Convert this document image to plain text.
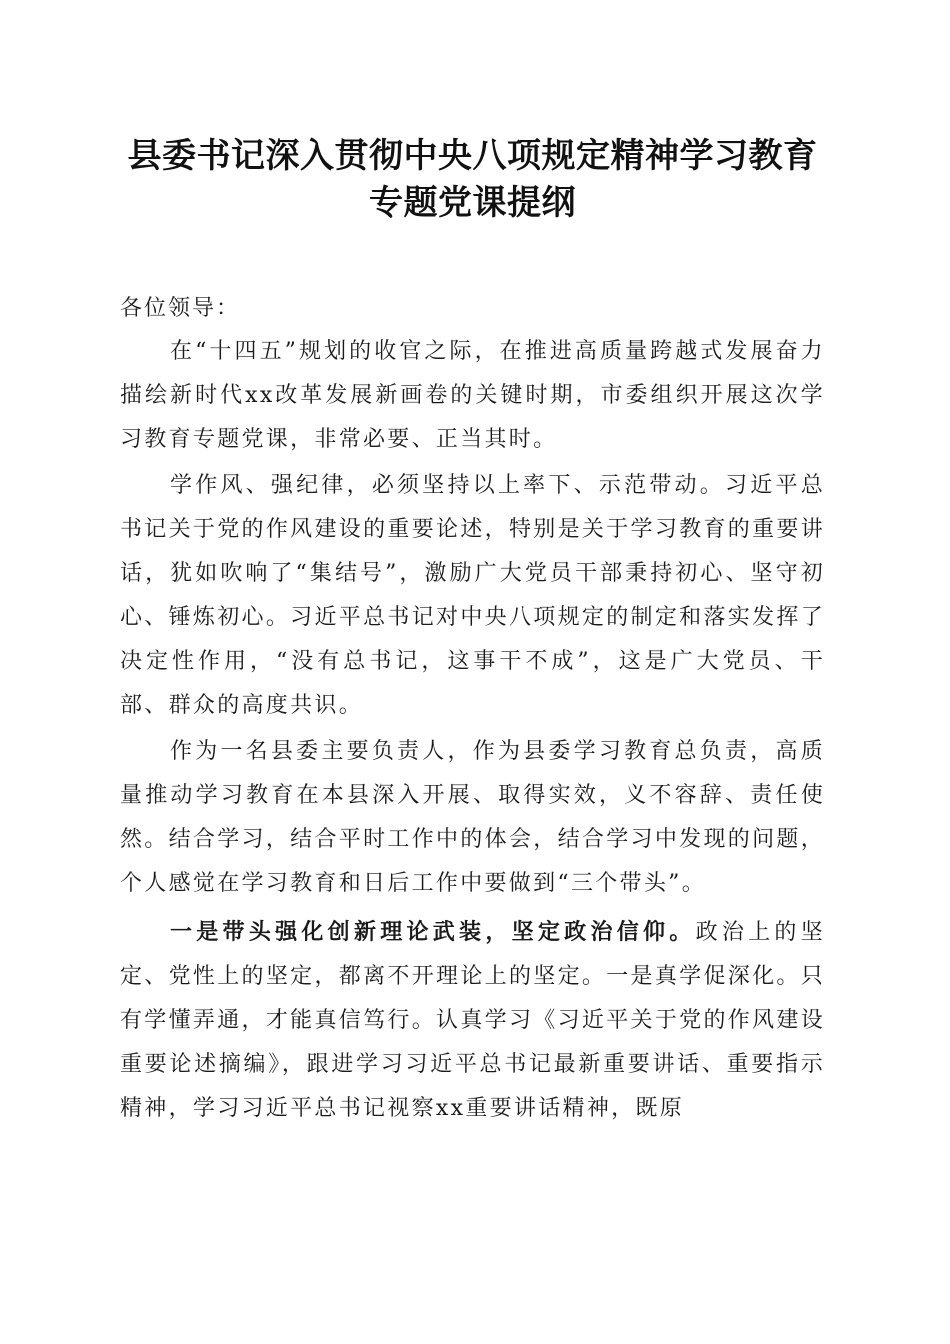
县委书记深入贯彻中央八项规定精神学习教育
专题党课提纲

各位领导：

在“十四五”规划的收官之际，在推进高质量跨越式发展奋力描绘新时代xx改革发展新画卷的关键时期，市委组织开展这次学习教育专题党课，非常必要、正当其时。

学作风、强纪律，必须坚持以上率下、示范带动。习近平总书记关于党的作风建设的重要论述，特别是关于学习教育的重要讲话，犹如吹响了“集结号”，激励广大党员干部秉持初心、坚守初心、锤炼初心。习近平总书记对中央八项规定的制定和落实发挥了决定性作用，“没有总书记，这事干不成”，这是广大党员、干部、群众的高度共识。

作为一名县委主要负责人，作为县委学习教育总负责，高质量推动学习教育在本县深入开展、取得实效，义不容辞、责任使然。结合学习，结合平时工作中的体会，结合学习中发现的问题，个人感觉在学习教育和日后工作中要做到“三个带头”。

一是带头强化创新理论武装，坚定政治信仰。政治上的坚定、党性上的坚定，都离不开理论上的坚定。一是真学促深化。只有学懂弄通，才能真信笃行。认真学习《习近平关于党的作风建设重要论述摘编》，跟进学习习近平总书记最新重要讲话、重要指示精神，学习习近平总书记视察xx重要讲话精神，既原
